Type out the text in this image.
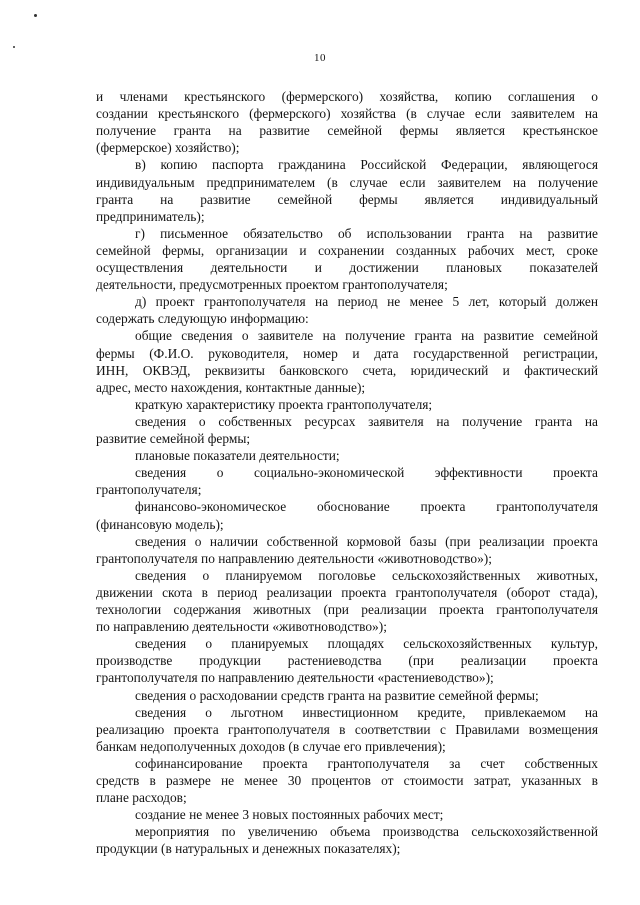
10

и членами крестьянского (фермерского) хозяйства, копию соглашения о

создании крестьянского (фермерского) хозяйства (в случае если заявителем на

получение гранта на развитие семейной фермы является крестьянское

(фермерское) хозяйство);

в) копию паспорта гражданина Российской Федерации, являющегося

индивидуальным предпринимателем (в случае если заявителем на получение

гранта на развитие семейной фермы является индивидуальный

предприниматель);

г) письменное обязательство об использовании гранта на развитие

семейной фермы, организации и сохранении созданных рабочих мест, сроке

осуществления деятельности и достижении плановых показателей

деятельности, предусмотренных проектом грантополучателя;

д) проект грантополучателя на период не менее 5 лет, который должен

содержать следующую информацию:

общие сведения о заявителе на получение гранта на развитие семейной

фермы (Ф.И.О. руководителя, номер и дата государственной регистрации,

ИНН, ОКВЭД, реквизиты банковского счета, юридический и фактический

адрес, место нахождения, контактные данные);

краткую характеристику проекта грантополучателя;

сведения о собственных ресурсах заявителя на получение гранта на

развитие семейной фермы;

плановые показатели деятельности;

сведения о социально-экономической эффективности проекта

грантополучателя;

финансово-экономическое обоснование проекта грантополучателя

(финансовую модель);

сведения о наличии собственной кормовой базы (при реализации проекта

грантополучателя по направлению деятельности «животноводство»);

сведения о планируемом поголовье сельскохозяйственных животных,

движении скота в период реализации проекта грантополучателя (оборот стада),

технологии содержания животных (при реализации проекта грантополучателя

по направлению деятельности «животноводство»);

сведения о планируемых площадях сельскохозяйственных культур,

производстве продукции растениеводства (при реализации проекта

грантополучателя по направлению деятельности «растениеводство»);

сведения о расходовании средств гранта на развитие семейной фермы;

сведения о льготном инвестиционном кредите, привлекаемом на

реализацию проекта грантополучателя в соответствии с Правилами возмещения

банкам недополученных доходов (в случае его привлечения);

софинансирование проекта грантополучателя за счет собственных

средств в размере не менее 30 процентов от стоимости затрат, указанных в

плане расходов;

создание не менее 3 новых постоянных рабочих мест;

мероприятия по увеличению объема производства сельскохозяйственной

продукции (в натуральных и денежных показателях);
